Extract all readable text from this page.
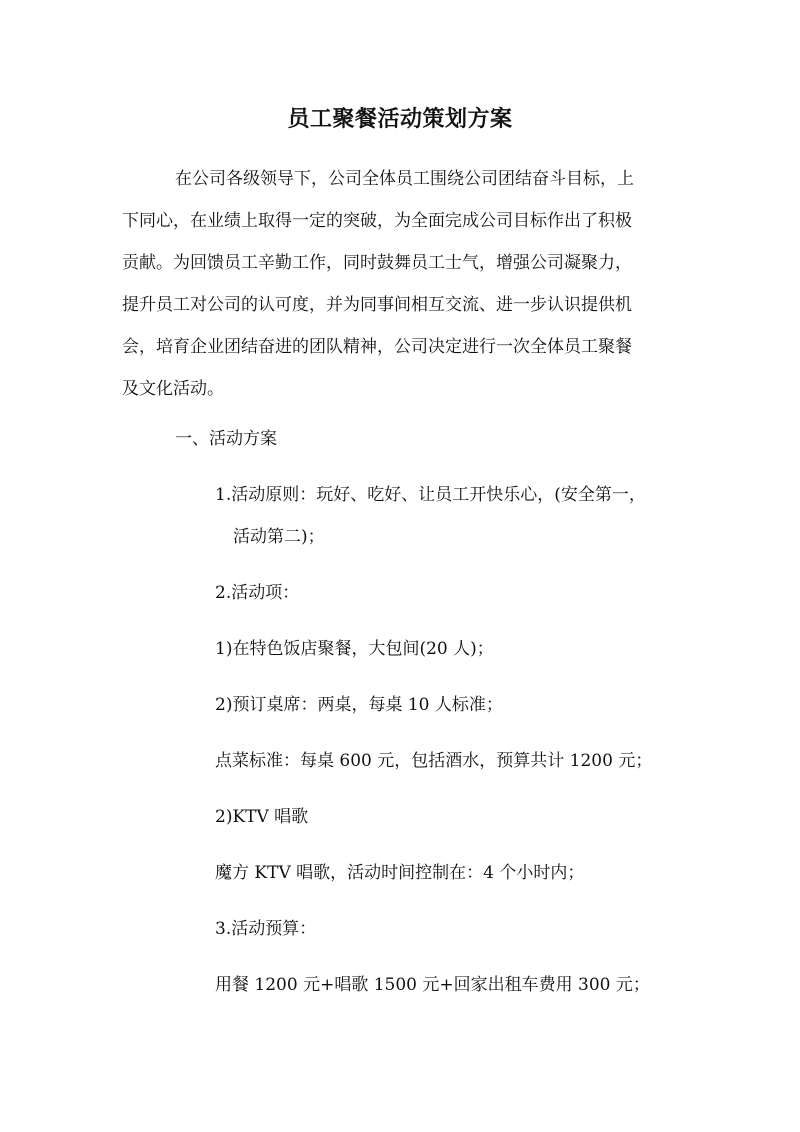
员工聚餐活动策划方案

在公司各级领导下，公司全体员工围绕公司团结奋斗目标，上
下同心，在业绩上取得一定的突破，为全面完成公司目标作出了积极
贡献。为回馈员工辛勤工作，同时鼓舞员工士气，增强公司凝聚力，
提升员工对公司的认可度，并为同事间相互交流、进一步认识提供机
会，培育企业团结奋进的团队精神，公司决定进行一次全体员工聚餐
及文化活动。

一、活动方案

1.活动原则：玩好、吃好、让员工开快乐心，(安全第一，

活动第二)；

2.活动项：

1)在特色饭店聚餐，大包间(20 人)；

2)预订桌席：两桌，每桌 10 人标准；

点菜标准：每桌 600 元，包括酒水，预算共计 1200 元；

2)KTV 唱歌

魔方 KTV 唱歌，活动时间控制在：4 个小时内；

3.活动预算：

用餐 1200 元+唱歌 1500 元+回家出租车费用 300 元；
